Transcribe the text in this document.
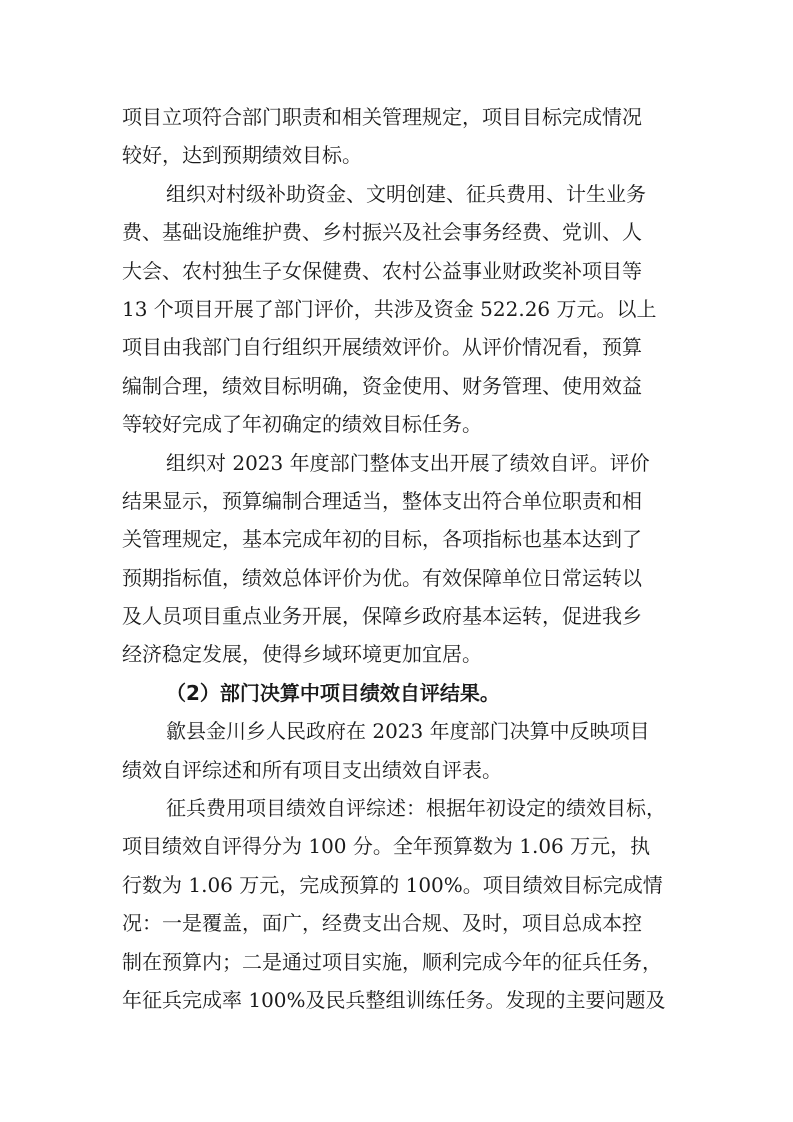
项目立项符合部门职责和相关管理规定，项目目标完成情况
较好，达到预期绩效目标。
组织对村级补助资金、文明创建、征兵费用、计生业务
费、基础设施维护费、乡村振兴及社会事务经费、党训、人
大会、农村独生子女保健费、农村公益事业财政奖补项目等
13 个项目开展了部门评价，共涉及资金 522.26 万元。以上
项目由我部门自行组织开展绩效评价。从评价情况看，预算
编制合理，绩效目标明确，资金使用、财务管理、使用效益
等较好完成了年初确定的绩效目标任务。
组织对 2023 年度部门整体支出开展了绩效自评。评价
结果显示，预算编制合理适当，整体支出符合单位职责和相
关管理规定，基本完成年初的目标，各项指标也基本达到了
预期指标值，绩效总体评价为优。有效保障单位日常运转以
及人员项目重点业务开展，保障乡政府基本运转，促进我乡
经济稳定发展，使得乡域环境更加宜居。
（2）部门决算中项目绩效自评结果。
歙县金川乡人民政府在 2023 年度部门决算中反映项目
绩效自评综述和所有项目支出绩效自评表。
征兵费用项目绩效自评综述：根据年初设定的绩效目标，
项目绩效自评得分为 100 分。全年预算数为 1.06 万元，执
行数为 1.06 万元，完成预算的 100%。项目绩效目标完成情
况：一是覆盖，面广，经费支出合规、及时，项目总成本控
制在预算内；二是通过项目实施，顺利完成今年的征兵任务，
年征兵完成率 100%及民兵整组训练任务。发现的主要问题及
